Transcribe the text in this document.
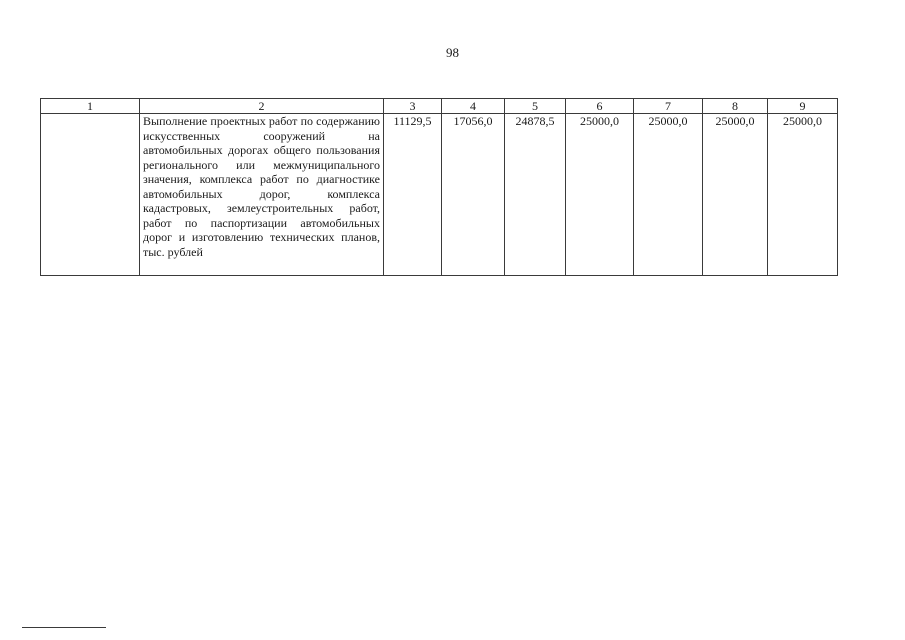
98
1	2	3	4	5	6	7	8	9
	Выполнение проектных работ по содержанию искусственных сооружений на автомобильных дорогах общего пользования регионального или межмуниципального значения, комплекса работ по диагностике автомобильных дорог, комплекса кадастровых, землеустроительных работ, работ по паспортизации автомобильных дорог и изготовлению технических планов, тыс. рублей	11129,5	17056,0	24878,5	25000,0	25000,0	25000,0	25000,0
